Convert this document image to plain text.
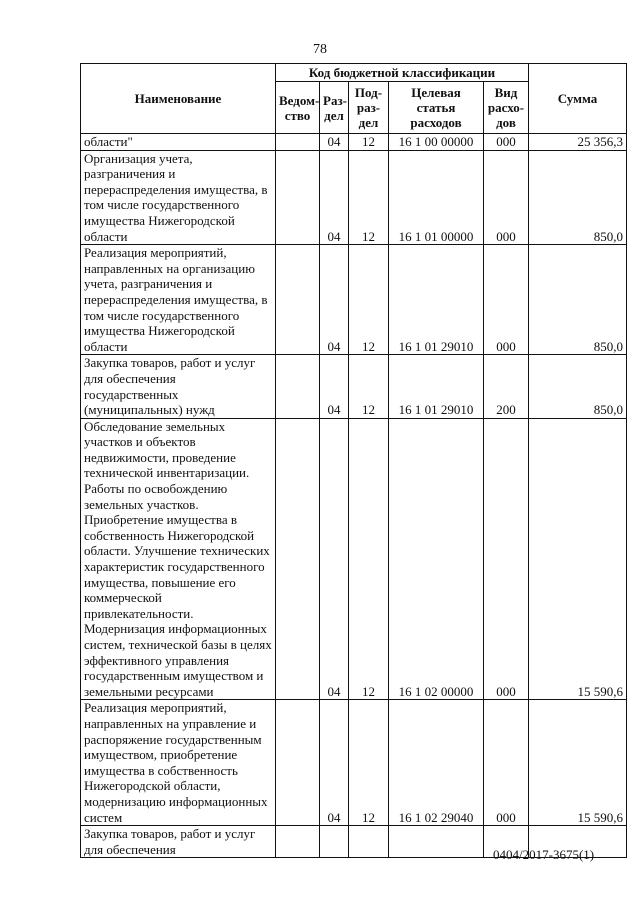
78
Наименование	Код бюджетной классификации					Сумма
	Ведом- ство	Раз- дел	Под- раз- дел	Целевая статья расходов	Вид расхо- дов	
области"		04	12	16 1 00 00000	000	25 356,3
Организация учета, разграничения и перераспределения имущества, в том числе государственного имущества Нижегородской области		04	12	16 1 01 00000	000	850,0
Реализация мероприятий, направленных на организацию учета, разграничения и перераспределения имущества, в том числе государственного имущества Нижегородской области		04	12	16 1 01 29010	000	850,0
Закупка товаров, работ и услуг для обеспечения государственных (муниципальных) нужд		04	12	16 1 01 29010	200	850,0
Обследование земельных участков и объектов недвижимости, проведение технической инвентаризации. Работы по освобождению земельных участков. Приобретение имущества в собственность Нижегородской области. Улучшение технических характеристик государственного имущества, повышение его коммерческой привлекательности. Модернизация информационных систем, технической базы в целях эффективного управления государственным имуществом и земельными ресурсами		04	12	16 1 02 00000	000	15 590,6
Реализация мероприятий, направленных на управление и распоряжение государственным имуществом, приобретение имущества в собственность Нижегородской области, модернизацию информационных систем		04	12	16 1 02 29040	000	15 590,6
Закупка товаров, работ и услуг для обеспечения							0404/2017-3675(1)
